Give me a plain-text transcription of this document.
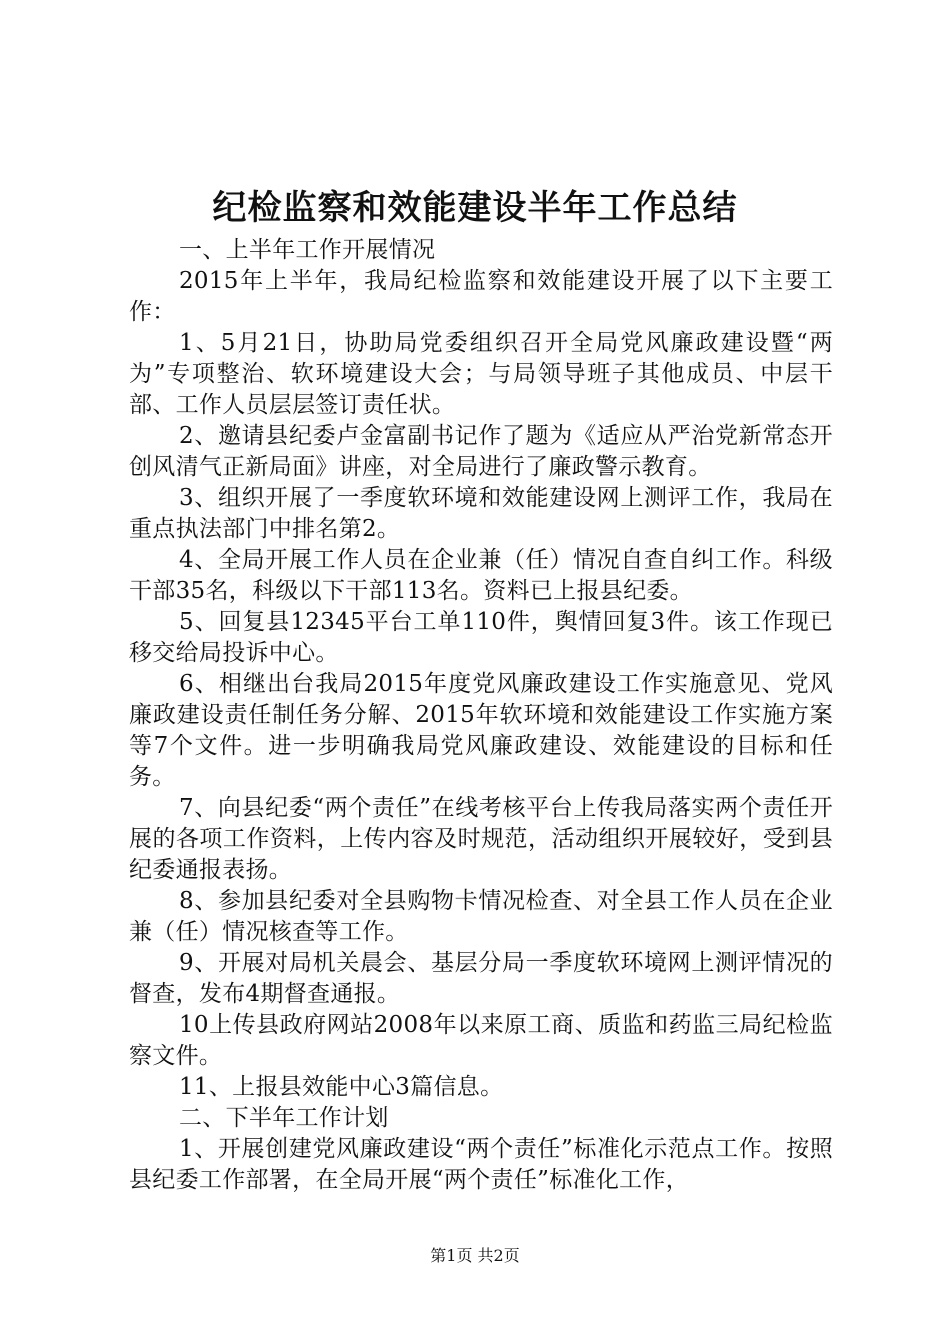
纪检监察和效能建设半年工作总结

一、上半年工作开展情况

2015年上半年，我局纪检监察和效能建设开展了以下主要工作：

1、5月21日，协助局党委组织召开全局党风廉政建设暨“两为”专项整治、软环境建设大会；与局领导班子其他成员、中层干部、工作人员层层签订责任状。

2、邀请县纪委卢金富副书记作了题为《适应从严治党新常态开创风清气正新局面》讲座，对全局进行了廉政警示教育。

3、组织开展了一季度软环境和效能建设网上测评工作，我局在重点执法部门中排名第2。

4、全局开展工作人员在企业兼（任）情况自查自纠工作。科级干部35名，科级以下干部113名。资料已上报县纪委。

5、回复县12345平台工单110件，舆情回复3件。该工作现已移交给局投诉中心。

6、相继出台我局2015年度党风廉政建设工作实施意见、党风廉政建设责任制任务分解、2015年软环境和效能建设工作实施方案等7个文件。进一步明确我局党风廉政建设、效能建设的目标和任务。

7、向县纪委“两个责任”在线考核平台上传我局落实两个责任开展的各项工作资料，上传内容及时规范，活动组织开展较好，受到县纪委通报表扬。

8、参加县纪委对全县购物卡情况检查、对全县工作人员在企业兼（任）情况核查等工作。

9、开展对局机关晨会、基层分局一季度软环境网上测评情况的督查，发布4期督查通报。

10上传县政府网站2008年以来原工商、质监和药监三局纪检监察文件。

11、上报县效能中心3篇信息。

二、下半年工作计划

1、开展创建党风廉政建设“两个责任”标准化示范点工作。按照县纪委工作部署，在全局开展“两个责任”标准化工作，

第1页 共2页
